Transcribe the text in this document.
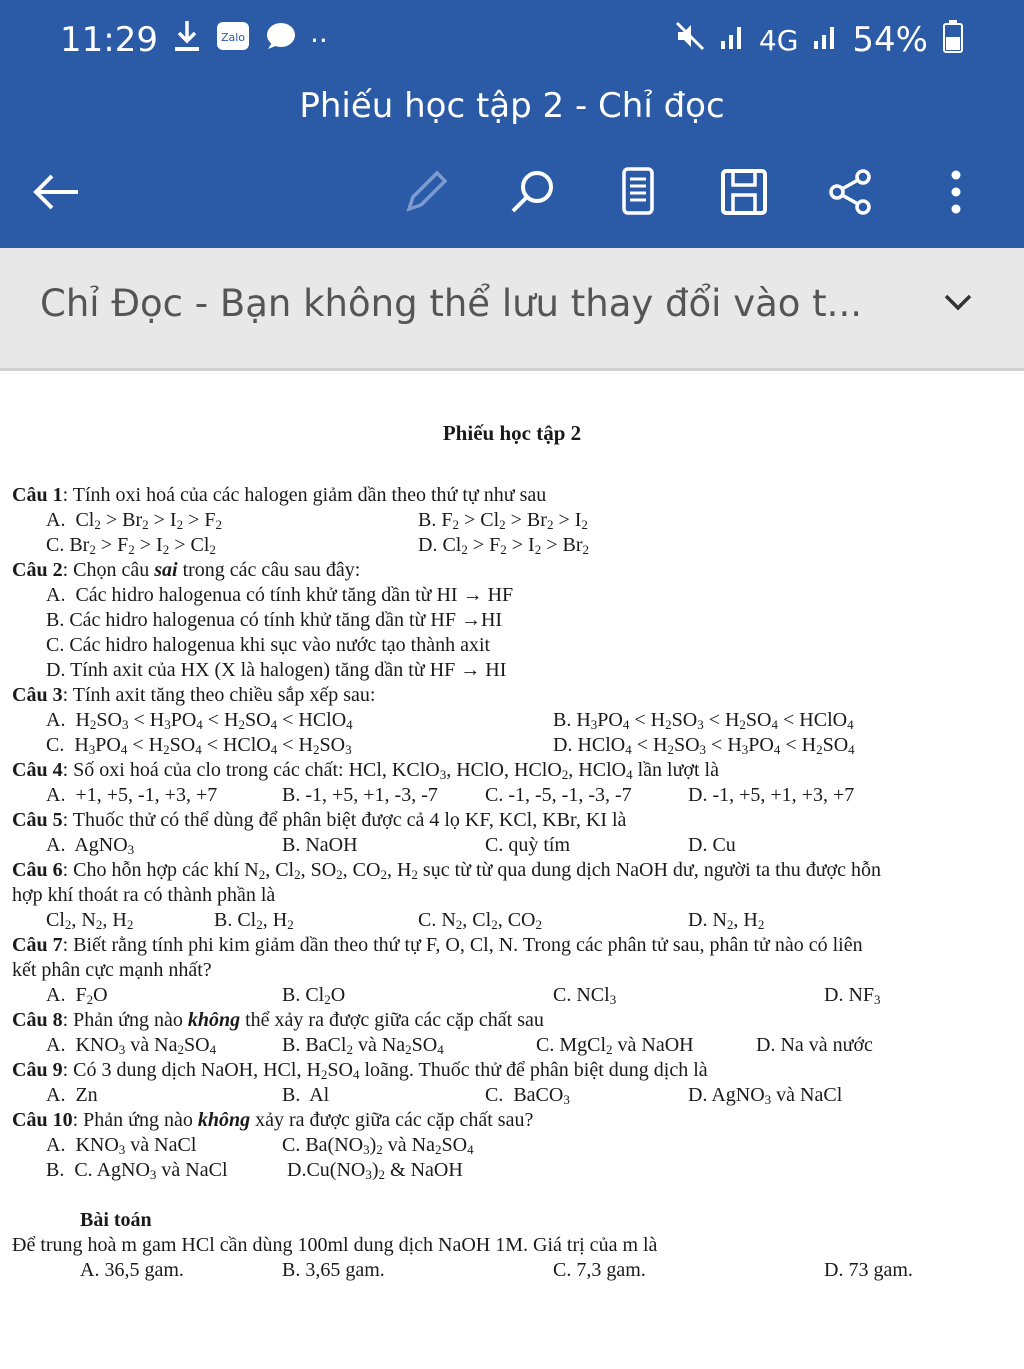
11:29	Zalo ··	4G 54%
Phiếu học tập 2 - Chỉ đọc
Chỉ Đọc - Bạn không thể lưu thay đổi vào t...
Phiếu học tập 2
Câu 1: Tính oxi hoá của các halogen giảm dần theo thứ tự như sau
A.  $Cl_2 > Br_2 > I_2 > F_2$	B. $F_2 > Cl_2 > Br_2 > I_2$
C. $Br_2 > F_2 > I_2 > Cl_2$	D. $Cl_2 > F_2 > I_2 > Br_2$
Câu 2: Chọn câu sai trong các câu sau đây:
A.  Các hidro halogenua có tính khử tăng dần từ HI → HF
B. Các hidro halogenua có tính khử tăng dần từ HF →HI
C. Các hidro halogenua khi sục vào nước tạo thành axit
D. Tính axit của HX (X là halogen) tăng dần từ HF → HI
Câu 3: Tính axit tăng theo chiều sắp xếp sau:
A.  $H_2SO_3 < H_3PO_4 < H_2SO_4$ < HClO$_4$	B. $H_3PO_4 < H_2SO_3 < H_2SO_4$ < HClO$_4$
C.  $H_3PO_4 < H_2SO_4$ < HClO$_4$ < $H_2SO_3$	D. HClO$_4$ < $H_2SO_3 < H_3PO_4 < H_2SO_4$
Câu 4: Số oxi hoá của clo trong các chất: HCl, KClO$_3$, HClO, HClO$_2$, HClO$_4$ lần lượt là
A.  +1, +5, -1, +3, +7	B. -1, +5, +1, -3, -7 C. -1, -5, -1, -3, -7	D. -1, +5, +1, +3, +7
Câu 5: Thuốc thử có thể dùng để phân biệt được cả 4 lọ KF, KCl, KBr, KI là
A.  AgNO$_3$	B. NaOH	C. quỳ tím	D. Cu
Câu 6: Cho hỗn hợp các khí $N_2$, $Cl_2$, $SO_2$, $CO_2$, $H_2$ sục từ từ qua dung dịch NaOH dư, người ta thu được hỗn
hợp khí thoát ra có thành phần là
$Cl_2$, $N_2$, $H_2$	B. $Cl_2$, $H_2$	C. $N_2$, $Cl_2$, $CO_2$	D. $N_2$, $H_2$
Câu 7: Biết rằng tính phi kim giảm dần theo thứ tự F, O, Cl, N. Trong các phân tử sau, phân tử nào có liên
kết phân cực mạnh nhất?
A.  $F_2O$	B. $Cl_2O$	C. NCl$_3$	D. $NF_3$
Câu 8: Phản ứng nào không thể xảy ra được giữa các cặp chất sau
A.  $KNO_3$ và $Na_2SO_4$	B. BaCl$_2$ và $Na_2SO_4$	C. MgCl$_2$ và NaOH	D. Na và nước
Câu 9: Có 3 dung dịch NaOH, HCl, $H_2SO_4$ loãng. Thuốc thử để phân biệt dung dịch là
A.  Zn	B.  Al	C.  BaCO$_3$	D. AgNO$_3$ và NaCl
Câu 10: Phản ứng nào không xảy ra được giữa các cặp chất sau?
A.  $KNO_3$ và NaCl	C. $Ba(NO_3)_2$ và $Na_2SO_4$
B.  C. AgNO$_3$ và NaCl	$D.Cu(NO_3)_2$ & NaOH
Bài toán
Để trung hoà m gam HCl cần dùng 100ml dung dịch NaOH 1M. Giá trị của m là
A. 36,5 gam.	B. 3,65 gam.	C. 7,3 gam.	D. 73 gam.
